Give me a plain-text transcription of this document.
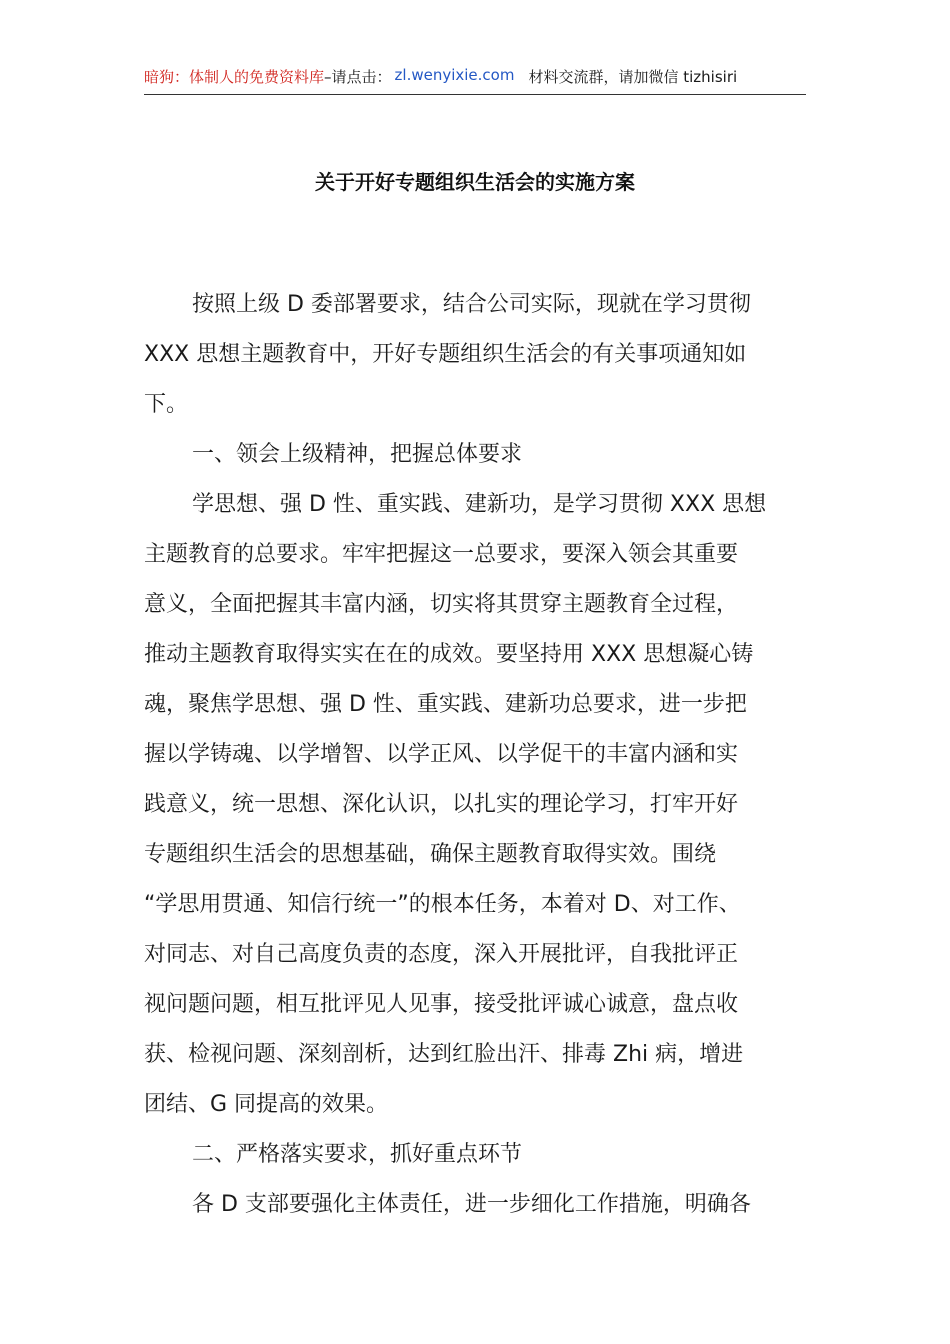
暗狗：体制人的免费资料库–请点击： zl.wenyixie.com 材料交流群，请加微信 tizhisiri
关于开好专题组织生活会的实施方案
按照上级 D 委部署要求，结合公司实际，现就在学习贯彻
XXX 思想主题教育中，开好专题组织生活会的有关事项通知如
下。
一、领会上级精神，把握总体要求
学思想、强 D 性、重实践、建新功，是学习贯彻 XXX 思想
主题教育的总要求。牢牢把握这一总要求，要深入领会其重要
意义，全面把握其丰富内涵，切实将其贯穿主题教育全过程，
推动主题教育取得实实在在的成效。要坚持用 XXX 思想凝心铸
魂，聚焦学思想、强 D 性、重实践、建新功总要求，进一步把
握以学铸魂、以学增智、以学正风、以学促干的丰富内涵和实
践意义，统一思想、深化认识，以扎实的理论学习，打牢开好
专题组织生活会的思想基础，确保主题教育取得实效。围绕
“学思用贯通、知信行统一”的根本任务，本着对 D、对工作、
对同志、对自己高度负责的态度，深入开展批评，自我批评正
视问题问题，相互批评见人见事，接受批评诚心诚意，盘点收
获、检视问题、深刻剖析，达到红脸出汗、排毒 Zhi 病，增进
团结、G 同提高的效果。
二、严格落实要求，抓好重点环节
各 D 支部要强化主体责任，进一步细化工作措施，明确各
